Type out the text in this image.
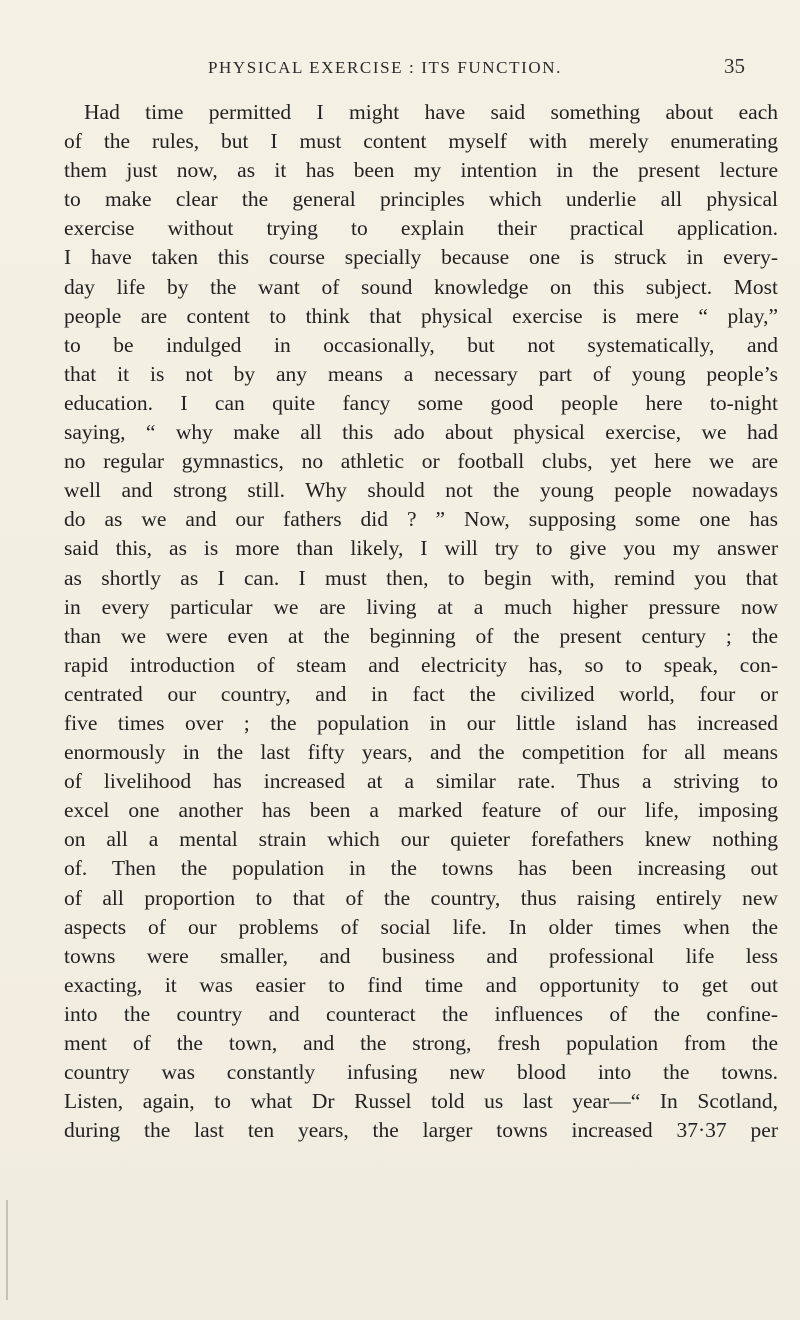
PHYSICAL EXERCISE : ITS FUNCTION.	35
Had time permitted I might have said something about each
of the rules, but I must content myself with merely enumerating
them just now, as it has been my intention in the present lecture
to make clear the general principles which underlie all physical
exercise without trying to explain their practical application.
I have taken this course specially because one is struck in every-
day life by the want of sound knowledge on this subject. Most
people are content to think that physical exercise is mere “ play,”
to be indulged in occasionally, but not systematically, and
that it is not by any means a necessary part of young people’s
education. I can quite fancy some good people here to-night
saying, “ why make all this ado about physical exercise, we had
no regular gymnastics, no athletic or football clubs, yet here we are
well and strong still. Why should not the young people nowadays
do as we and our fathers did ? ” Now, supposing some one has
said this, as is more than likely, I will try to give you my answer
as shortly as I can. I must then, to begin with, remind you that
in every particular we are living at a much higher pressure now
than we were even at the beginning of the present century ; the
rapid introduction of steam and electricity has, so to speak, con-
centrated our country, and in fact the civilized world, four or
five times over ; the population in our little island has increased
enormously in the last fifty years, and the competition for all means
of livelihood has increased at a similar rate. Thus a striving to
excel one another has been a marked feature of our life, imposing
on all a mental strain which our quieter forefathers knew nothing
of. Then the population in the towns has been increasing out
of all proportion to that of the country, thus raising entirely new
aspects of our problems of social life. In older times when the
towns were smaller, and business and professional life less
exacting, it was easier to find time and opportunity to get out
into the country and counteract the influences of the confine-
ment of the town, and the strong, fresh population from the
country was constantly infusing new blood into the towns.
Listen, again, to what Dr Russel told us last year—“ In Scotland,
during the last ten years, the larger towns increased 37·37 per
